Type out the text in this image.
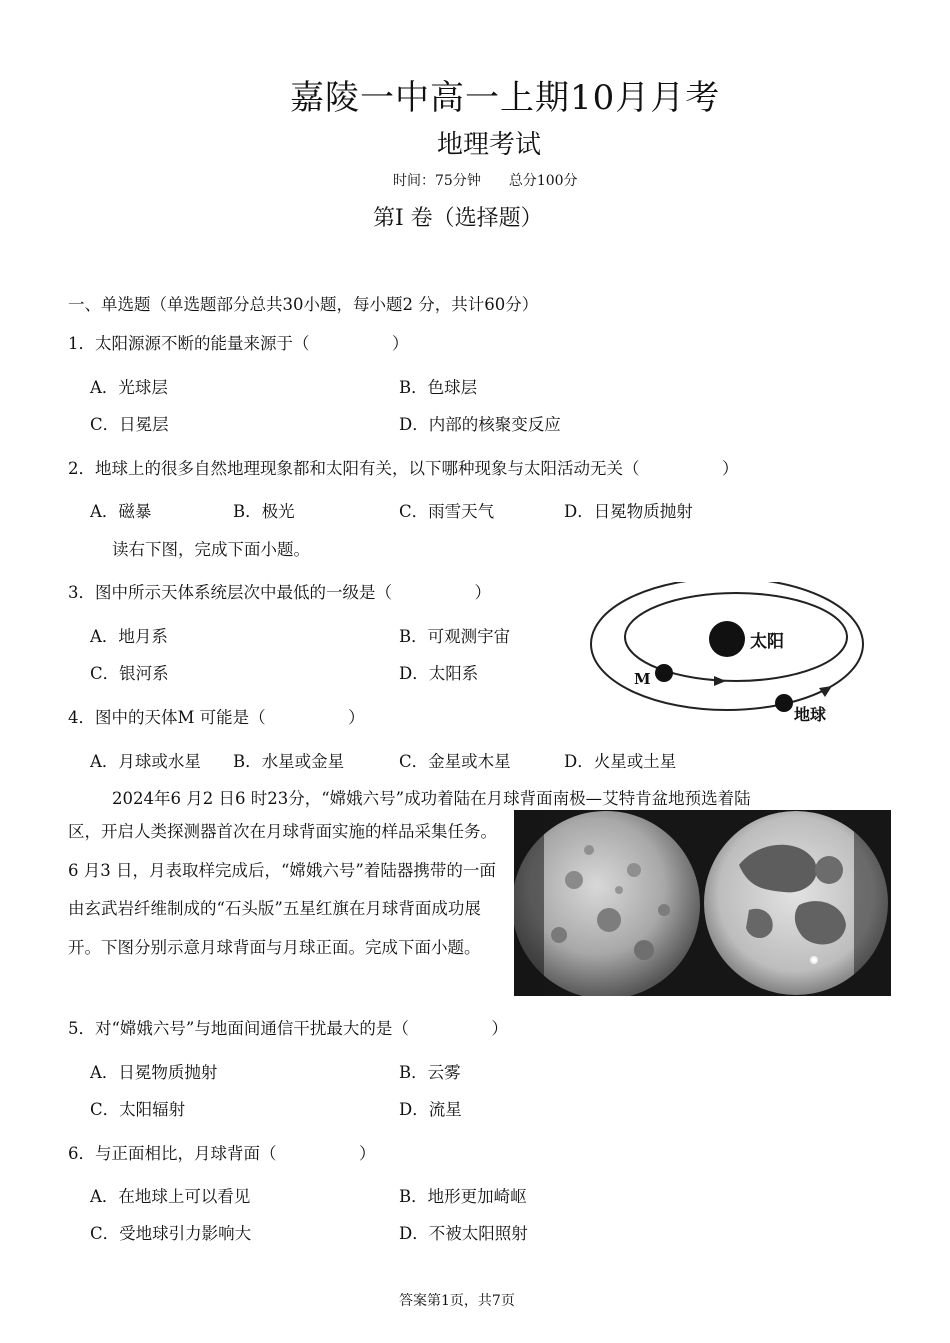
嘉陵一中高一上期10月月考
地理考试
时间：75分钟　　总分100分
第Ⅰ 卷（选择题）
一、单选题（单选题部分总共30小题，每小题2 分，共计60分）
1．太阳源源不断的能量来源于（　　　　　）
A．光球层	B．色球层
C．日冕层	D．内部的核聚变反应
2．地球上的很多自然地理现象都和太阳有关，以下哪种现象与太阳活动无关（　　　　　）
A．磁暴	B．极光	C．雨雪天气	D．日冕物质抛射
读右下图，完成下面小题。
3．图中所示天体系统层次中最低的一级是（　　　　　）
A．地月系	B．可观测宇宙
C．银河系	D．太阳系
太阳
M
地球
4．图中的天体M 可能是（　　　　　）
A．月球或水星 B．水星或金星	C．金星或木星	D．火星或土星
2024年6 月2 日6 时23分，“嫦娥六号”成功着陆在月球背面南极—艾特肯盆地预选着陆
区，开启人类探测器首次在月球背面实施的样品采集任务。6 月3 日，月表取样完成后，“嫦娥六号”着陆器携带的一面由玄武岩纤维制成的“石头版”五星红旗在月球背面成功展开。下图分别示意月球背面与月球正面。完成下面小题。
5．对“嫦娥六号”与地面间通信干扰最大的是（　　　　　）
A．日冕物质抛射	B．云雾
C．太阳辐射	D．流星
6．与正面相比，月球背面（　　　　　）
A．在地球上可以看见	B．地形更加崎岖
C．受地球引力影响大	D．不被太阳照射
答案第1页，共7页
